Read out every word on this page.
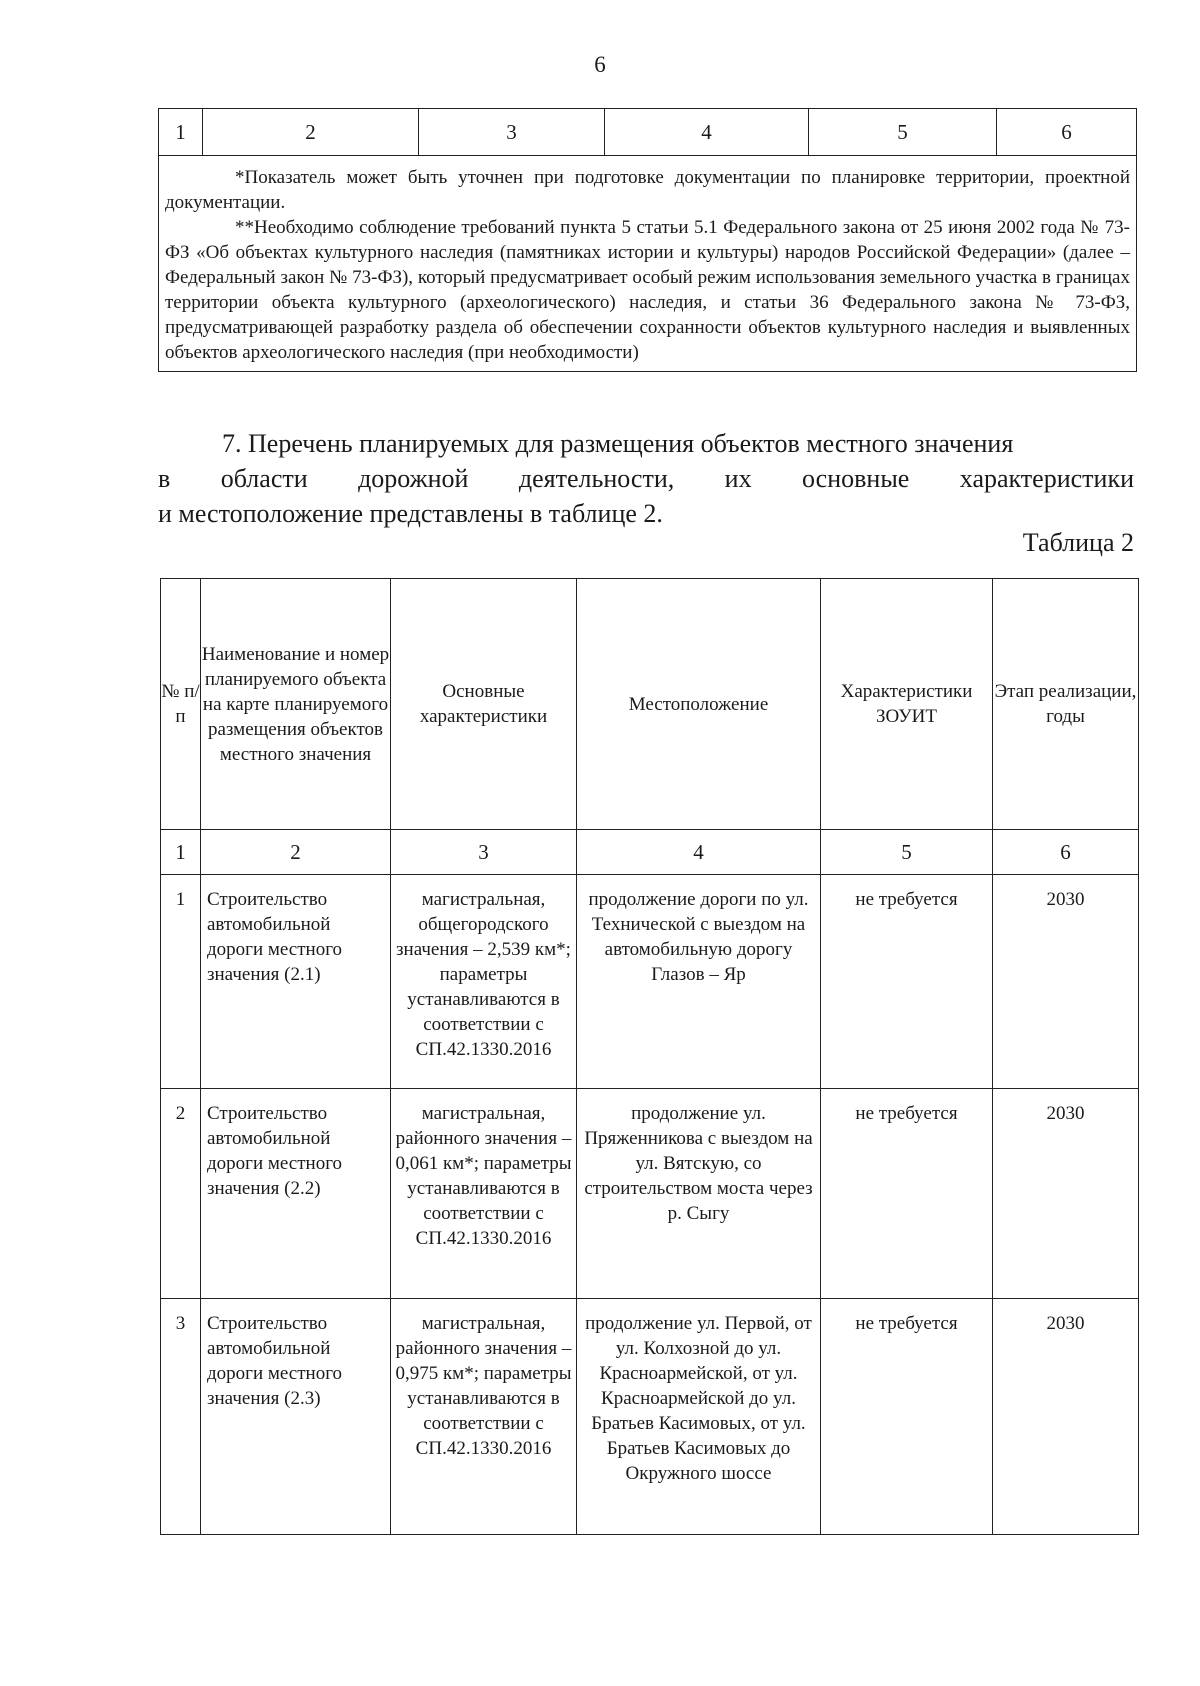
6
1	2	3	4	5	6

*Показатель может быть уточнен при подготовке документации по планировке территории, проектной документации.

**Необходимо соблюдение требований пункта 5 статьи 5.1 Федерального закона от 25 июня 2002 года № 73-ФЗ «Об объектах культурного наследия (памятниках истории и культуры) народов Российской Федерации» (далее – Федеральный закон № 73-ФЗ), который предусматривает особый режим использования земельного участка в границах территории объекта культурного (археологического) наследия, и статьи 36 Федерального закона № 73-ФЗ, предусматривающей разработку раздела об обеспечении сохранности объектов культурного наследия и выявленных объектов археологического наследия (при необходимости)

7. Перечень планируемых для размещения объектов местного значения
в области дорожной деятельности, их основные характеристики
и местоположение представлены в таблице 2.
Таблица 2
№ п/п	Наименование и номер планируемого объекта на карте планируемого размещения объектов местного значения	Основные характеристики	Местоположение	Характеристики ЗОУИТ	Этап реализации, годы
1	2	3	4	5	6
1	Строительство автомобильной дороги местного значения (2.1)	магистральная, общегородского значения – 2,539 км*; параметры устанавливаются в соответствии с СП.42.1330.2016	продолжение дороги по ул. Технической с выездом на автомобильную дорогу Глазов – Яр	не требуется	2030
2	Строительство автомобильной дороги местного значения (2.2)	магистральная, районного значения – 0,061 км*; параметры устанавливаются в соответствии с СП.42.1330.2016	продолжение ул. Пряженникова с выездом на ул. Вятскую, со строительством моста через р. Сыгу	не требуется	2030
3	Строительство автомобильной дороги местного значения (2.3)	магистральная, районного значения – 0,975 км*; параметры устанавливаются в соответствии с СП.42.1330.2016	продолжение ул. Первой, от ул. Колхозной до ул. Красноармейской, от ул. Красноармейской до ул. Братьев Касимовых, от ул. Братьев Касимовых до Окружного шоссе	не требуется	2030
